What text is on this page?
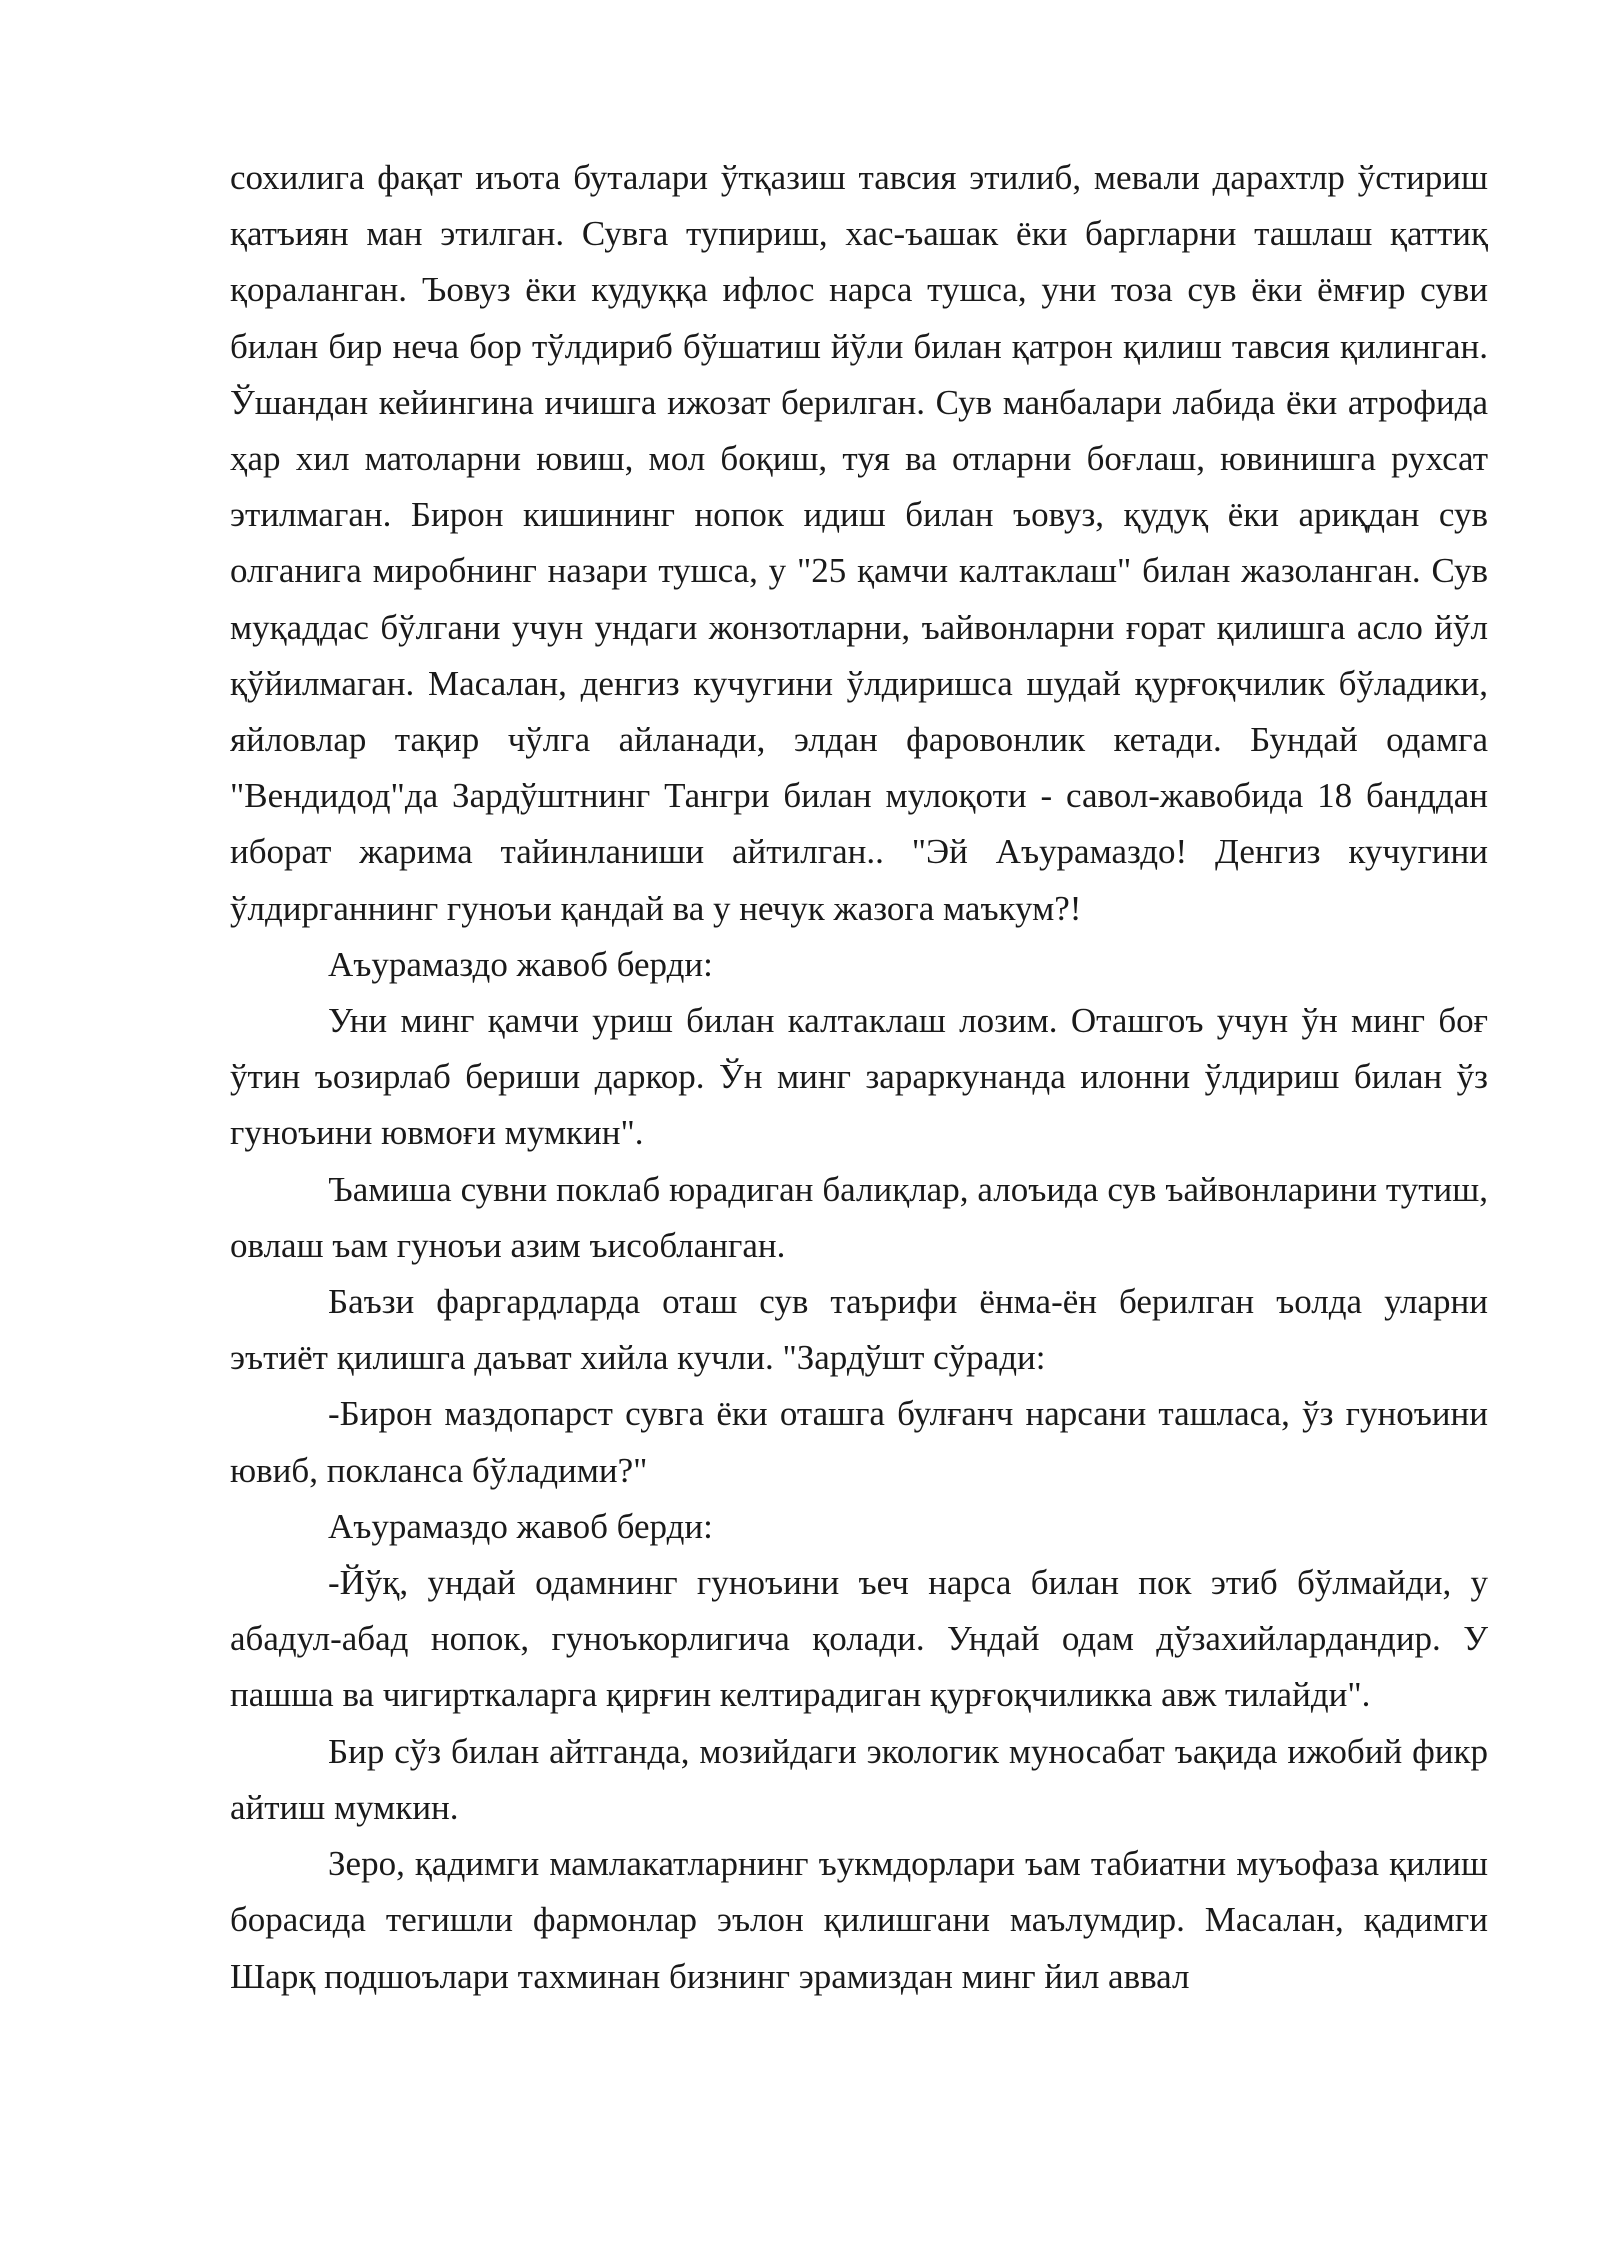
сохилига фақат иъота буталари ўтқазиш тавсия этилиб, мевали дарахтлр ўстириш қатъиян ман этилган. Сувга тупириш, хас-ъашак ёки баргларни ташлаш қаттиқ қораланган. Ъовуз ёки кудуққа ифлос нарса тушса, уни тоза сув ёки ёмғир суви билан бир неча бор тўлдириб бўшатиш йўли билан қатрон қилиш тавсия қилинган. Ўшандан кейингина ичишга ижозат берилган. Сув манбалари лабида ёки атрофида ҳар хил матоларни ювиш, мол боқиш, туя ва отларни боғлаш, ювинишга рухсат этилмаган. Бирон кишининг нопок идиш билан ъовуз, қудуқ ёки ариқдан сув олганига миробнинг назари тушса, у "25 қамчи калтаклаш" билан жазоланган. Сув муқаддас бўлгани учун ундаги жонзотларни, ъайвонларни ғорат қилишга асло йўл қўйилмаган. Масалан, денгиз кучугини ўлдиришса шудай қурғоқчилик бўладики, яйловлар тақир чўлга айланади, элдан фаровонлик кетади. Бундай одамга "Вендидод"да Зардўштнинг Тангри билан мулоқоти - савол-жавобида 18 банддан иборат жарима тайинланиши айтилган.. "Эй Аъурамаздо! Денгиз кучугини ўлдирганнинг гуноъи қандай ва у нечук жазога маъкум?!

Аъурамаздо жавоб берди:

Уни минг қамчи уриш билан калтаклаш лозим. Оташгоъ учун ўн минг боғ ўтин ъозирлаб бериши даркор. Ўн минг зараркунанда илонни ўлдириш билан ўз гуноъини ювмоғи мумкин".

Ъамиша сувни поклаб юрадиган балиқлар, алоъида сув ъайвонларини тутиш, овлаш ъам гуноъи азим ъисобланган.

Баъзи фаргардларда оташ сув таърифи ёнма-ён берилган ъолда уларни эътиёт қилишга даъват хийла кучли. "Зардўшт сўради:

-Бирон маздопарст сувга ёки оташга булғанч нарсани ташласа, ўз гуноъини ювиб, покланса бўладими?"

Аъурамаздо жавоб берди:

-Йўқ, ундай одамнинг гуноъини ъеч нарса билан пок этиб бўлмайди, у абадул-абад нопок, гуноъкорлигича қолади. Ундай одам дўзахийлардандир. У пашша ва чигирткаларга қирғин келтирадиган қурғоқчиликка авж тилайди".

Бир сўз билан айтганда, мозийдаги экологик муносабат ъақида ижобий фикр айтиш мумкин.

Зеро, қадимги мамлакатларнинг ъукмдорлари ъам табиатни муъофаза қилиш борасида тегишли фармонлар эълон қилишгани маълумдир. Масалан, қадимги Шарқ подшоълари тахминан бизнинг эрамиздан минг йил аввал
